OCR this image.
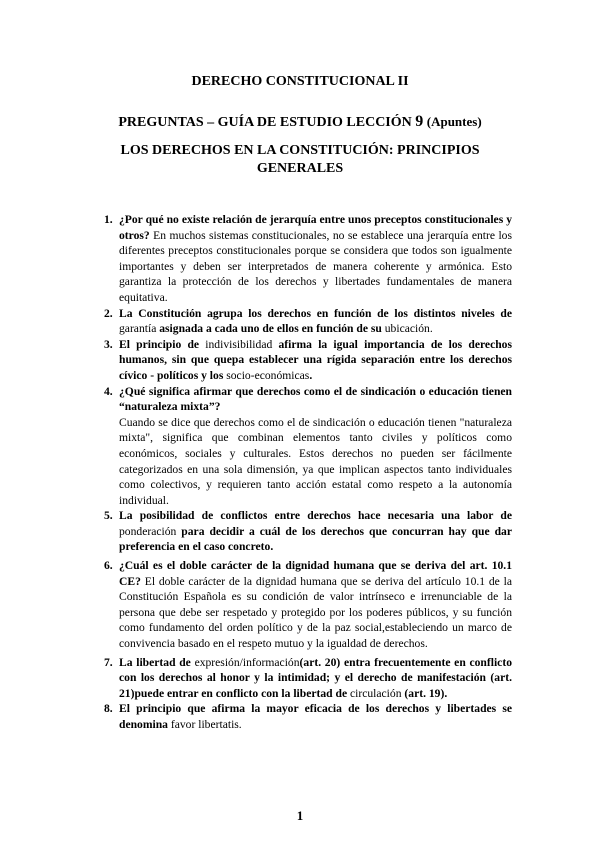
DERECHO CONSTITUCIONAL II
PREGUNTAS – GUÍA DE ESTUDIO LECCIÓN 9 (Apuntes)
LOS DERECHOS EN LA CONSTITUCIÓN: PRINCIPIOS GENERALES
1. ¿Por qué no existe relación de jerarquía entre unos preceptos constitucionales y otros? En muchos sistemas constitucionales, no se establece una jerarquía entre los diferentes preceptos constitucionales porque se considera que todos son igualmente importantes y deben ser interpretados de manera coherente y armónica. Esto garantiza la protección de los derechos y libertades fundamentales de manera equitativa.
2. La Constitución agrupa los derechos en función de los distintos niveles de garantía asignada a cada uno de ellos en función de su ubicación.
3. El principio de indivisibilidad afirma la igual importancia de los derechos humanos, sin que quepa establecer una rígida separación entre los derechos cívico - políticos y los socio-económicas.
4. ¿Qué significa afirmar que derechos como el de sindicación o educación tienen “naturaleza mixta”?
Cuando se dice que derechos como el de sindicación o educación tienen "naturaleza mixta", significa que combinan elementos tanto civiles y políticos como económicos, sociales y culturales. Estos derechos no pueden ser fácilmente categorizados en una sola dimensión, ya que implican aspectos tanto individuales como colectivos, y requieren tanto acción estatal como respeto a la autonomía individual.
5. La posibilidad de conflictos entre derechos hace necesaria una labor de ponderación para decidir a cuál de los derechos que concurran hay que dar preferencia en el caso concreto.
6. ¿Cuál es el doble carácter de la dignidad humana que se deriva del art. 10.1 CE? El doble carácter de la dignidad humana que se deriva del artículo 10.1 de la Constitución Española es su condición de valor intrínseco e irrenunciable de la persona que debe ser respetado y protegido por los poderes públicos, y su función como fundamento del orden político y de la paz social,estableciendo un marco de convivencia basado en el respeto mutuo y la igualdad de derechos.
7. La libertad de expresión/información(art. 20) entra frecuentemente en conflicto con los derechos al honor y la intimidad; y el derecho de manifestación (art. 21)puede entrar en conflicto con la libertad de circulación (art. 19).
8. El principio que afirma la mayor eficacia de los derechos y libertades se denomina favor libertatis.
1
